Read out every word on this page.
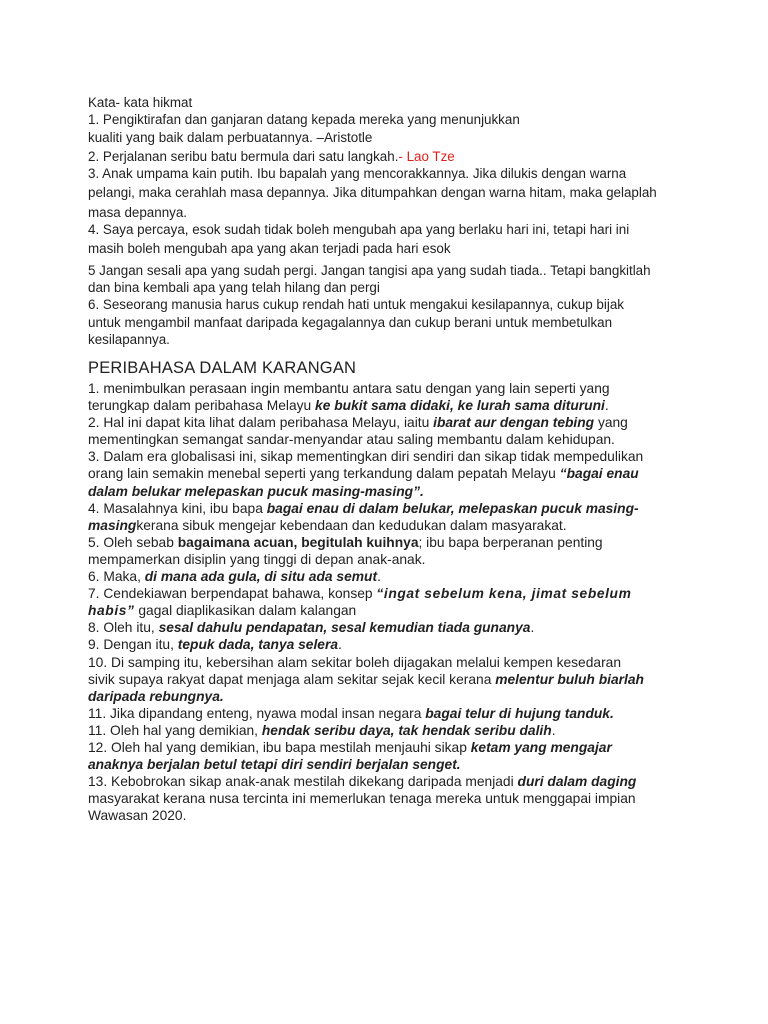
Kata- kata hikmat

1. Pengiktirafan dan ganjaran datang kepada mereka yang menunjukkan

kualiti yang baik dalam perbuatannya. –Aristotle

2. Perjalanan seribu batu bermula dari satu langkah.- Lao Tze

3. Anak umpama kain putih. Ibu bapalah yang mencorakkannya. Jika dilukis dengan warna

pelangi, maka cerahlah masa depannya. Jika ditumpahkan dengan warna hitam, maka gelaplah

masa depannya.

4. Saya percaya, esok sudah tidak boleh mengubah apa yang berlaku hari ini, tetapi hari ini

masih boleh mengubah apa yang akan terjadi pada hari esok

5 Jangan sesali apa yang sudah pergi. Jangan tangisi apa yang sudah tiada.. Tetapi bangkitlah

dan bina kembali apa yang telah hilang dan pergi

6. Seseorang manusia harus cukup rendah hati untuk mengakui kesilapannya, cukup bijak

untuk mengambil manfaat daripada kegagalannya dan cukup berani untuk membetulkan

kesilapannya.

PERIBAHASA DALAM KARANGAN

1. menimbulkan perasaan ingin membantu antara satu dengan yang lain seperti yang

terungkap dalam peribahasa Melayu ke bukit sama didaki, ke lurah sama dituruni.

2. Hal ini dapat kita lihat dalam peribahasa Melayu, iaitu ibarat aur dengan tebing yang

mementingkan semangat sandar-menyandar atau saling membantu dalam kehidupan.

3. Dalam era globalisasi ini, sikap mementingkan diri sendiri dan sikap tidak mempedulikan

orang lain semakin menebal seperti yang terkandung dalam pepatah Melayu “bagai enau

dalam belukar melepaskan pucuk masing-masing”.

4. Masalahnya kini, ibu bapa bagai enau di dalam belukar, melepaskan pucuk masing-

masingkerana sibuk mengejar kebendaan dan kedudukan dalam masyarakat.

5. Oleh sebab bagaimana acuan, begitulah kuihnya; ibu bapa berperanan penting

mempamerkan disiplin yang tinggi di depan anak-anak.

6. Maka, di mana ada gula, di situ ada semut.

7. Cendekiawan berpendapat bahawa, konsep “ingat sebelum kena, jimat sebelum

habis” gagal diaplikasikan dalam kalangan

8. Oleh itu, sesal dahulu pendapatan, sesal kemudian tiada gunanya.

9. Dengan itu, tepuk dada, tanya selera.

10. Di samping itu, kebersihan alam sekitar boleh dijagakan melalui kempen kesedaran

sivik supaya rakyat dapat menjaga alam sekitar sejak kecil kerana melentur buluh biarlah

daripada rebungnya.

11. Jika dipandang enteng, nyawa modal insan negara bagai telur di hujung tanduk.

11. Oleh hal yang demikian, hendak seribu daya, tak hendak seribu dalih.

12. Oleh hal yang demikian, ibu bapa mestilah menjauhi sikap ketam yang mengajar

anaknya berjalan betul tetapi diri sendiri berjalan senget.

13. Kebobrokan sikap anak-anak mestilah dikekang daripada menjadi duri dalam daging

masyarakat kerana nusa tercinta ini memerlukan tenaga mereka untuk menggapai impian

Wawasan 2020.
